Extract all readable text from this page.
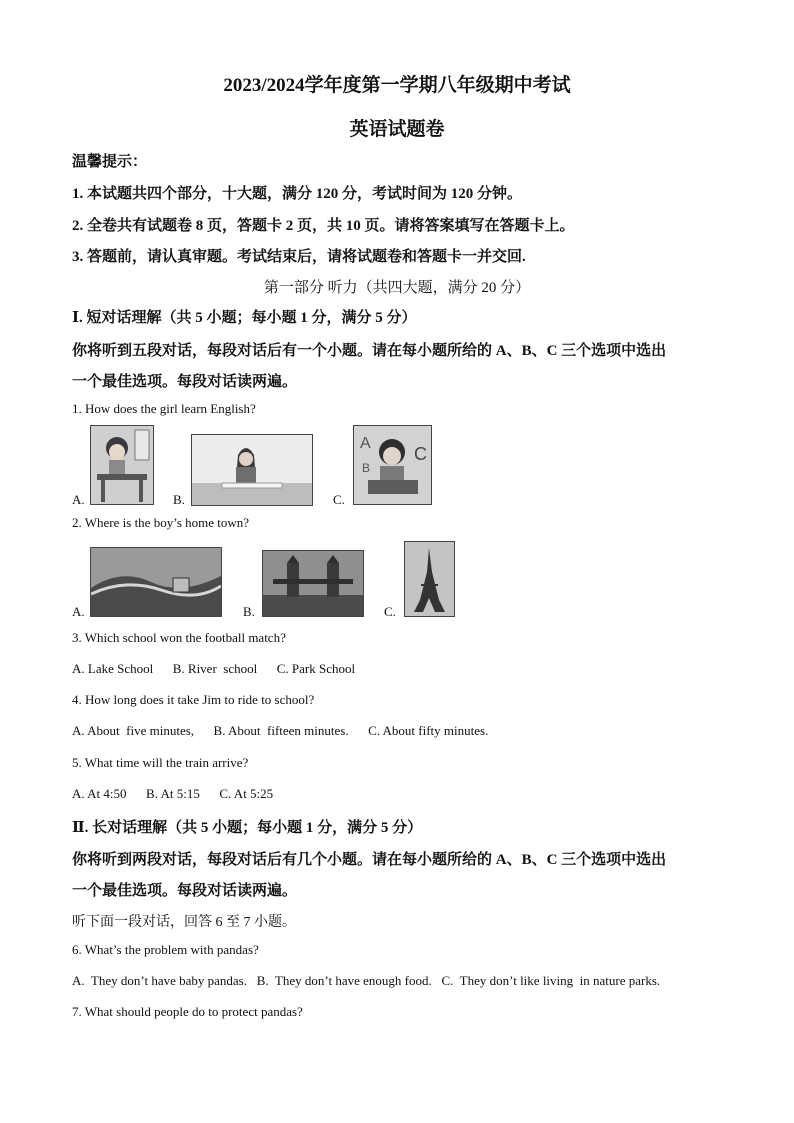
2023/2024学年度第一学期八年级期中考试
英语试题卷
温馨提示：
1. 本试题共四个部分，十大题，满分 120 分，考试时间为 120 分钟。
2. 全卷共有试题卷 8 页，答题卡 2 页，共 10 页。请将答案填写在答题卡上。
3. 答题前，请认真审题。考试结束后，请将试题卷和答题卡一并交回.
第一部分 听力（共四大题，满分 20 分）
Ⅰ. 短对话理解（共 5 小题；每小题 1 分，满分 5 分）
你将听到五段对话，每段对话后有一个小题。请在每小题所给的 A、B、C 三个选项中选出
一个最佳选项。每段对话读两遍。
1. How does the girl learn English?
A.	B.	C.
A
B
C
2. Where is the boy’s home town?
A.	B.	C.
3. Which school won the football match?
A. Lake School      B. River  school      C. Park School
4. How long does it take Jim to ride to school?
A. About  five minutes,      B. About  fifteen minutes.      C. About fifty minutes.
5. What time will the train arrive?
A. At 4:50      B. At 5:15      C. At 5:25
Ⅱ. 长对话理解（共 5 小题；每小题 1 分，满分 5 分）
你将听到两段对话，每段对话后有几个小题。请在每小题所给的 A、B、C 三个选项中选出
一个最佳选项。每段对话读两遍。
听下面一段对话，回答 6 至 7 小题。
6. What’s the problem with pandas?
A.  They don’t have baby pandas.   B.  They don’t have enough food.   C.  They don’t like living  in nature parks.
7. What should people do to protect pandas?
